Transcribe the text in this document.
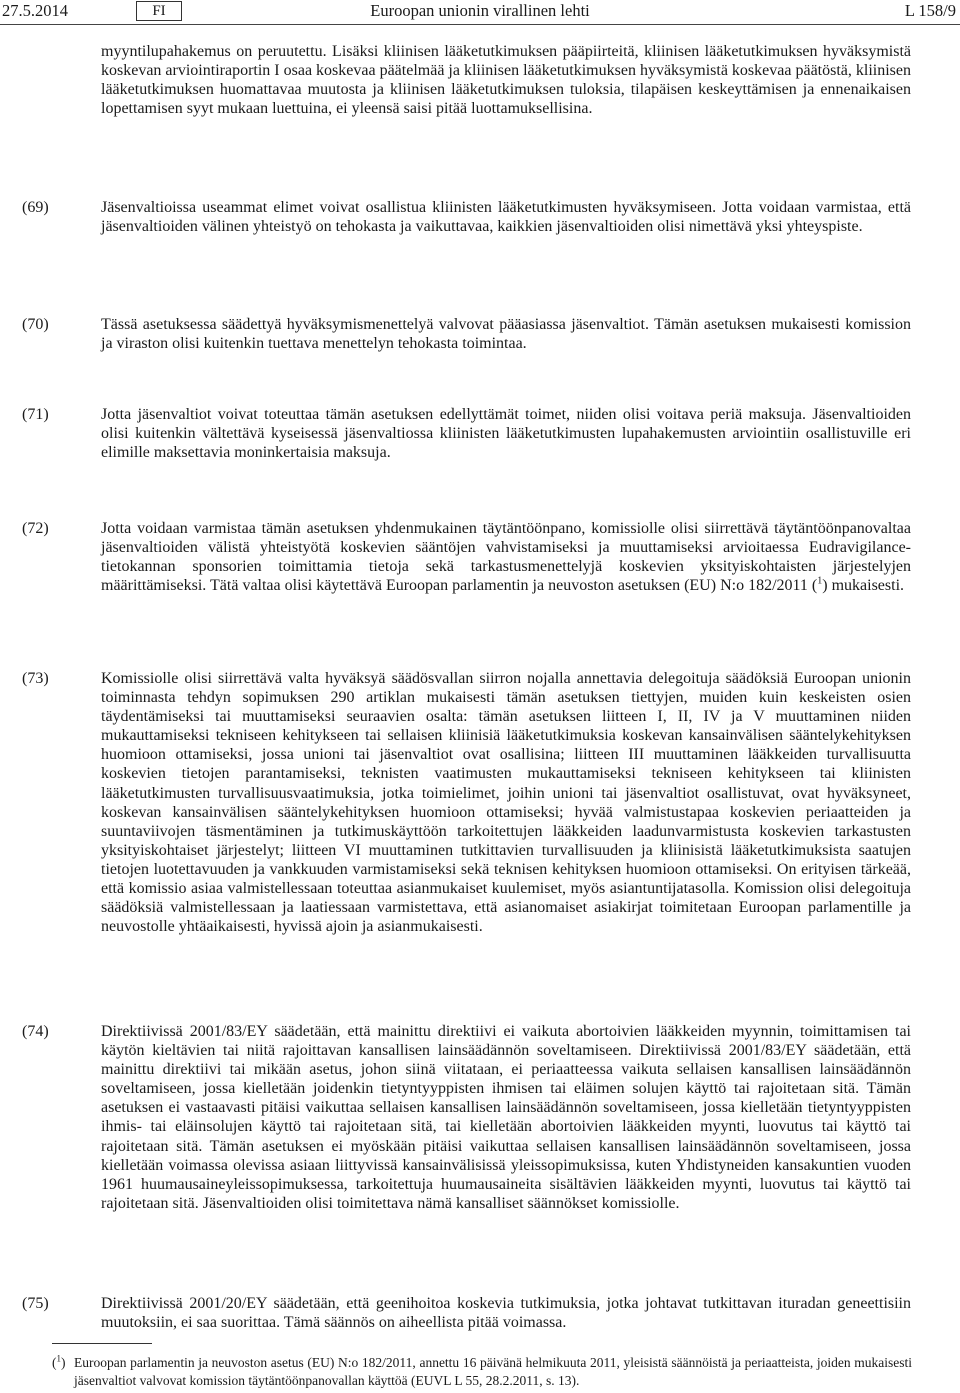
27.5.2014	FI	Euroopan unionin virallinen lehti	L 158/9
myyntilupahakemus on peruutettu. Lisäksi kliinisen lääketutkimuksen pääpiirteitä, kliinisen lääketutkimuksen hyväksymistä koskevan arviointiraportin I osaa koskevaa päätelmää ja kliinisen lääketutkimuksen hyväksymistä koskevaa päätöstä, kliinisen lääketutkimuksen huomattavaa muutosta ja kliinisen lääketutkimuksen tuloksia, tilapäisen keskeyttämisen ja ennenaikaisen lopettamisen syyt mukaan luettuina, ei yleensä saisi pitää luottamuksellisina.
(69)	Jäsenvaltioissa useammat elimet voivat osallistua kliinisten lääketutkimusten hyväksymiseen. Jotta voidaan varmistaa, että jäsenvaltioiden välinen yhteistyö on tehokasta ja vaikuttavaa, kaikkien jäsenvaltioiden olisi nimettävä yksi yhteyspiste.
(70)	Tässä asetuksessa säädettyä hyväksymismenettelyä valvovat pääasiassa jäsenvaltiot. Tämän asetuksen mukaisesti komission ja viraston olisi kuitenkin tuettava menettelyn tehokasta toimintaa.
(71)	Jotta jäsenvaltiot voivat toteuttaa tämän asetuksen edellyttämät toimet, niiden olisi voitava periä maksuja. Jäsenvaltioiden olisi kuitenkin vältettävä kyseisessä jäsenvaltiossa kliinisten lääketutkimusten lupahakemusten arviointiin osallistuville eri elimille maksettavia moninkertaisia maksuja.
(72)	Jotta voidaan varmistaa tämän asetuksen yhdenmukainen täytäntöönpano, komissiolle olisi siirrettävä täytäntöönpanovaltaa jäsenvaltioiden välistä yhteistyötä koskevien sääntöjen vahvistamiseksi ja muuttamiseksi arvioitaessa Eudravigilance-tietokannan sponsorien toimittamia tietoja sekä tarkastusmenettelyjä koskevien yksityiskohtaisten järjestelyjen määrittämiseksi. Tätä valtaa olisi käytettävä Euroopan parlamentin ja neuvoston asetuksen (EU) N:o 182/2011 ($^1$) mukaisesti.
(73)	Komissiolle olisi siirrettävä valta hyväksyä säädösvallan siirron nojalla annettavia delegoituja säädöksiä Euroopan unionin toiminnasta tehdyn sopimuksen 290 artiklan mukaisesti tämän asetuksen tiettyjen, muiden kuin keskeisten osien täydentämiseksi tai muuttamiseksi seuraavien osalta: tämän asetuksen liitteen I, II, IV ja V muuttaminen niiden mukauttamiseksi tekniseen kehitykseen tai sellaisen kliinisiä lääketutkimuksia koskevan kansainvälisen sääntelykehityksen huomioon ottamiseksi, jossa unioni tai jäsenvaltiot ovat osallisina; liitteen III muuttaminen lääkkeiden turvallisuutta koskevien tietojen parantamiseksi, teknisten vaatimusten mukauttamiseksi tekniseen kehitykseen tai kliinisten lääketutkimusten turvallisuusvaatimuksia, jotka toimielimet, joihin unioni tai jäsenvaltiot osallistuvat, ovat hyväksyneet, koskevan kansainvälisen sääntelykehityksen huomioon ottamiseksi; hyvää valmistustapaa koskevien periaatteiden ja suuntaviivojen täsmentäminen ja tutkimuskäyttöön tarkoitettujen lääkkeiden laadunvarmistusta koskevien tarkastusten yksityiskohtaiset järjestelyt; liitteen VI muuttaminen tutkittavien turvallisuuden ja kliinisistä lääketutkimuksista saatujen tietojen luotettavuuden ja vankkuuden varmistamiseksi sekä teknisen kehityksen huomioon ottamiseksi. On erityisen tärkeää, että komissio asiaa valmistellessaan toteuttaa asianmukaiset kuulemiset, myös asiantuntijatasolla. Komission olisi delegoituja säädöksiä valmistellessaan ja laatiessaan varmistettava, että asianomaiset asiakirjat toimitetaan Euroopan parlamentille ja neuvostolle yhtäaikaisesti, hyvissä ajoin ja asianmukaisesti.
(74)	Direktiivissä 2001/83/EY säädetään, että mainittu direktiivi ei vaikuta abortoivien lääkkeiden myynnin, toimittamisen tai käytön kieltävien tai niitä rajoittavan kansallisen lainsäädännön soveltamiseen. Direktiivissä 2001/83/EY säädetään, että mainittu direktiivi tai mikään asetus, johon siinä viitataan, ei periaatteessa vaikuta sellaisen kansallisen lainsäädännön soveltamiseen, jossa kielletään joidenkin tietyntyyppisten ihmisen tai eläimen solujen käyttö tai rajoitetaan sitä. Tämän asetuksen ei vastaavasti pitäisi vaikuttaa sellaisen kansallisen lainsäädännön soveltamiseen, jossa kielletään tietyntyyppisten ihmis- tai eläinsolujen käyttö tai rajoitetaan sitä, tai kielletään abortoivien lääkkeiden myynti, luovutus tai käyttö tai rajoitetaan sitä. Tämän asetuksen ei myöskään pitäisi vaikuttaa sellaisen kansallisen lainsäädännön soveltamiseen, jossa kielletään voimassa olevissa asiaan liittyvissä kansainvälisissä yleissopimuksissa, kuten Yhdistyneiden kansakuntien vuoden 1961 huumausaineyleissopimuksessa, tarkoitettuja huumausaineita sisältävien lääkkeiden myynti, luovutus tai käyttö tai rajoitetaan sitä. Jäsenvaltioiden olisi toimitettava nämä kansalliset säännökset komissiolle.
(75)	Direktiivissä 2001/20/EY säädetään, että geenihoitoa koskevia tutkimuksia, jotka johtavat tutkittavan ituradan geneettisiin muutoksiin, ei saa suorittaa. Tämä säännös on aiheellista pitää voimassa.
($^1$) Euroopan parlamentin ja neuvoston asetus (EU) N:o 182/2011, annettu 16 päivänä helmikuuta 2011, yleisistä säännöistä ja periaatteista, joiden mukaisesti jäsenvaltiot valvovat komission täytäntöönpanovallan käyttöä (EUVL L 55, 28.2.2011, s. 13).
